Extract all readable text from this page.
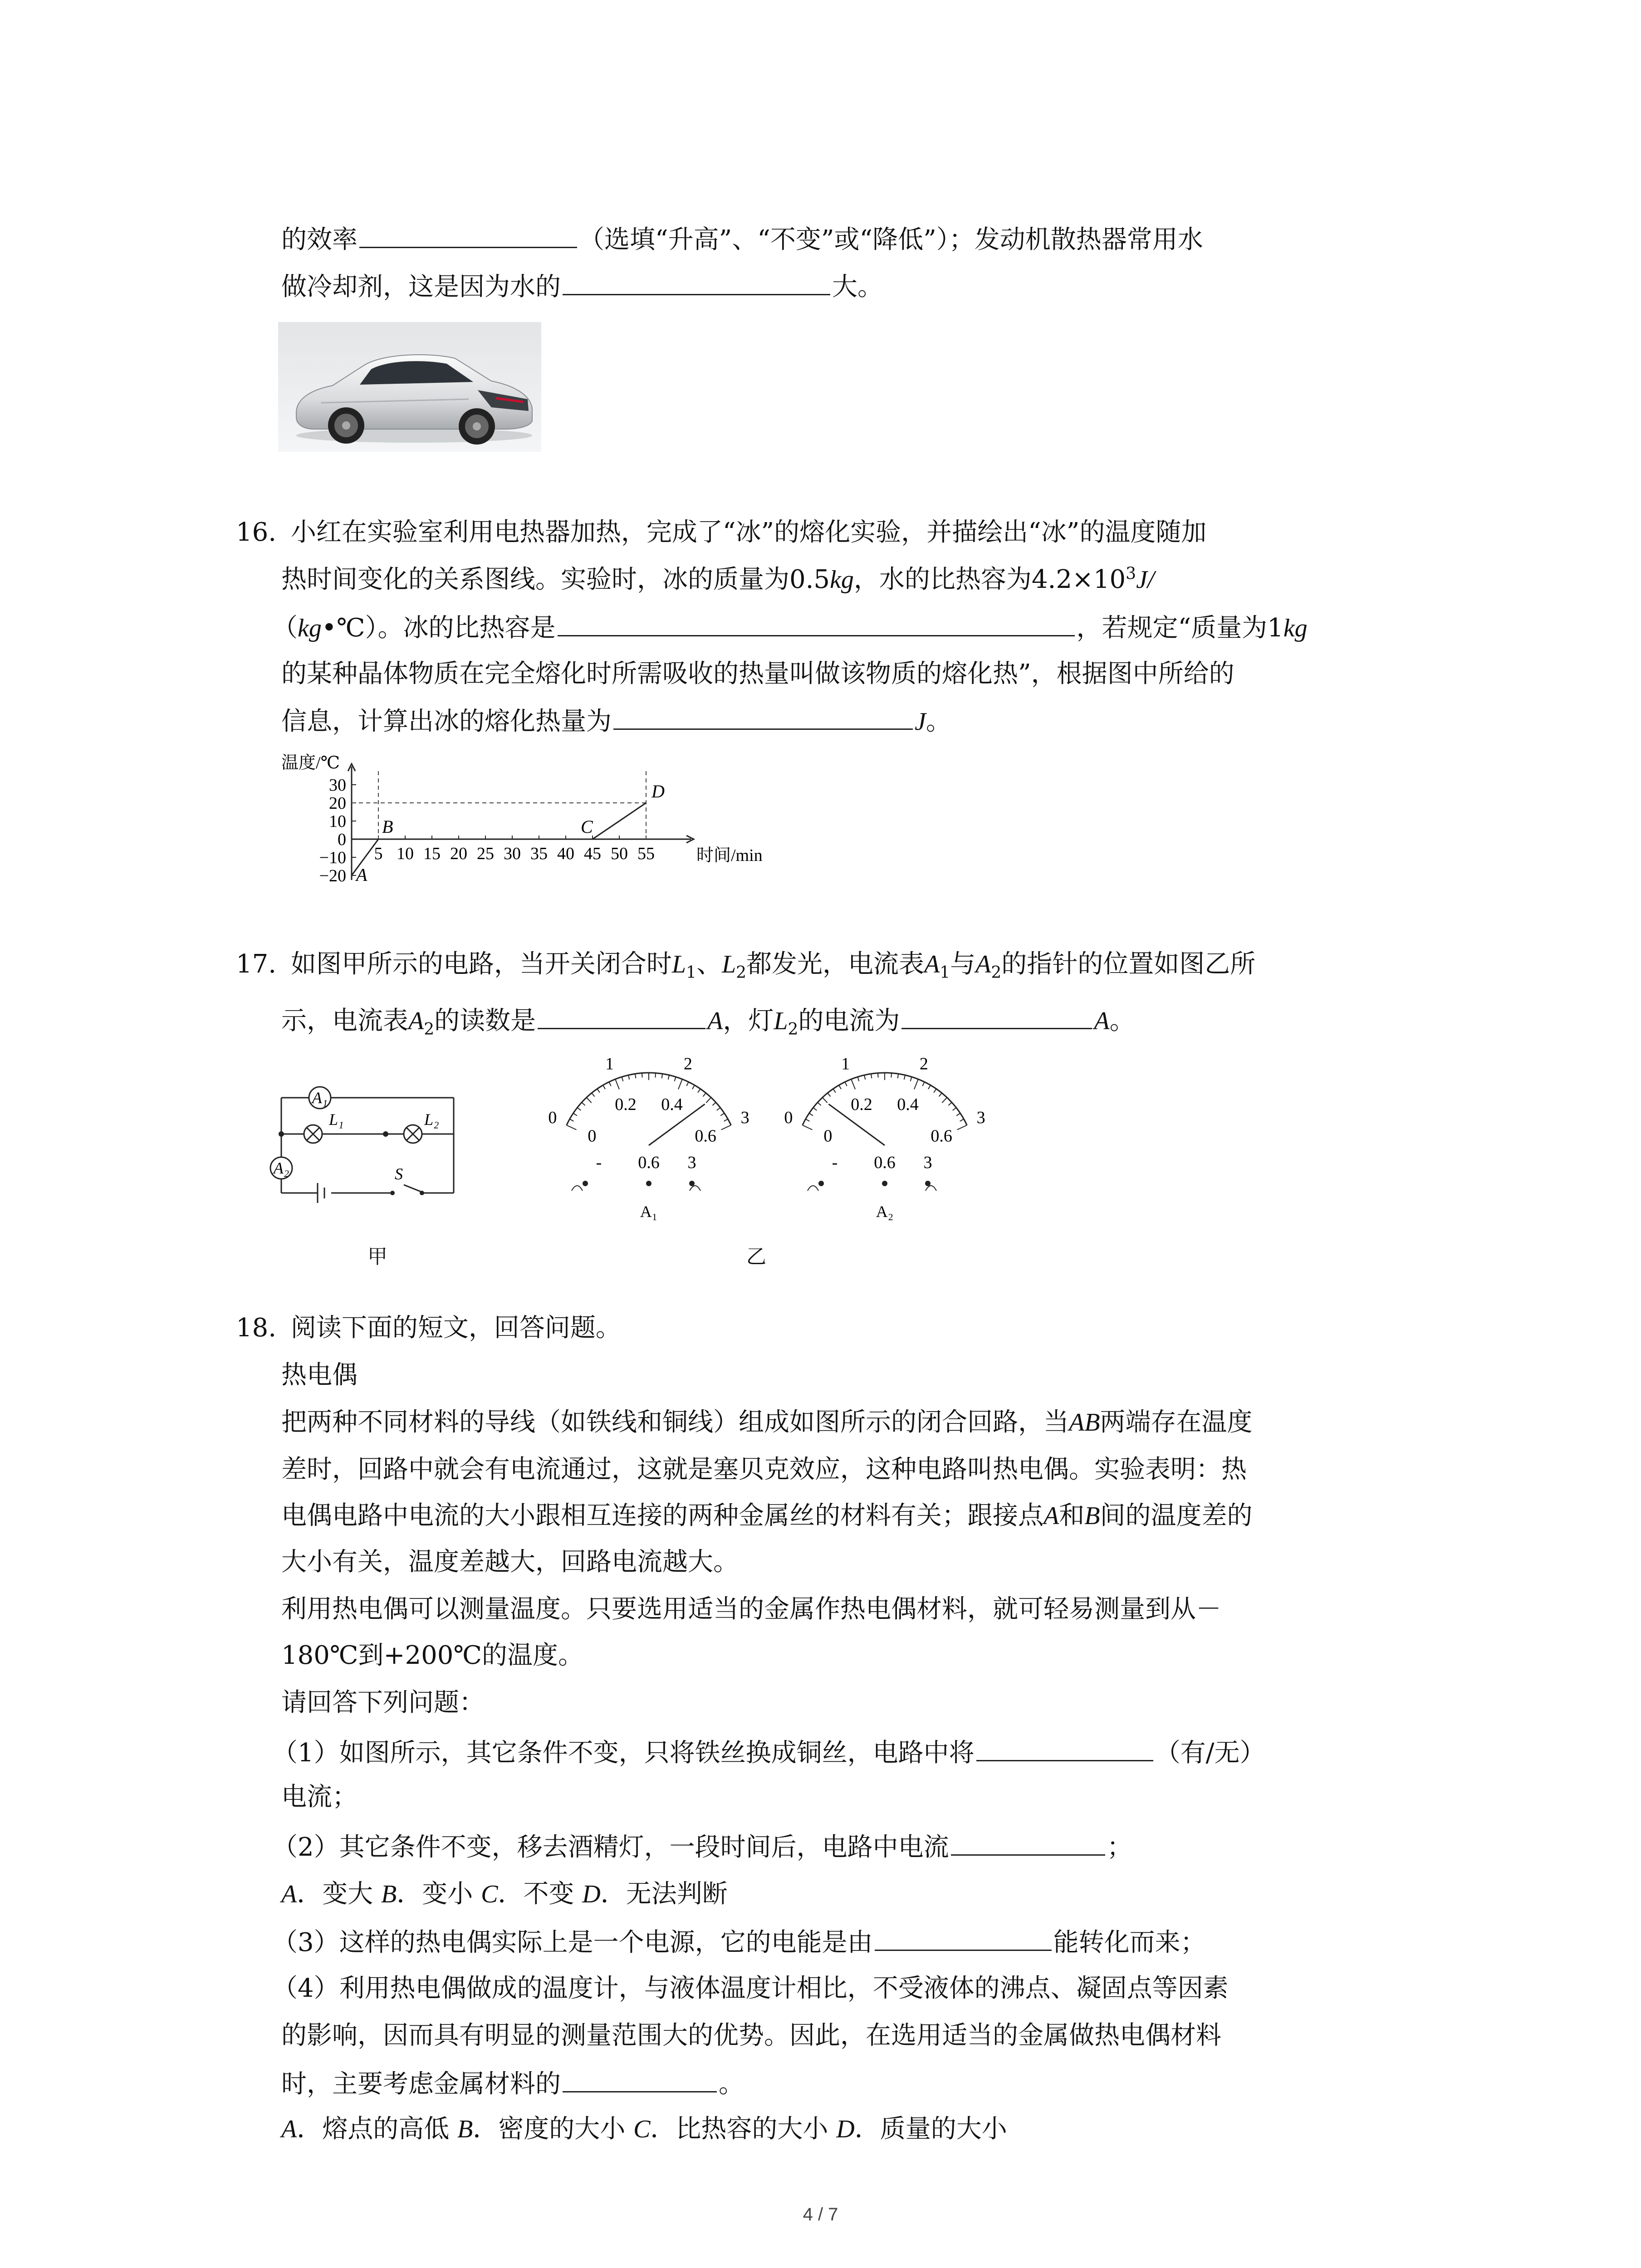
的效率	（选填“升高”、“不变”或“降低”）；发动机散热器常用水
做冷却剂，这是因为水的	大。
16. 小红在实验室利用电热器加热，完成了“冰”的熔化实验，并描绘出“冰”的温度随加
热时间变化的关系图线。实验时，冰的质量为0.5kg，水的比热容为$4.2\times 10^3J/$
（kg•℃）。冰的比热容是	，若规定“质量为1kg
的某种晶体物质在完全熔化时所需吸收的热量叫做该物质的熔化热”，根据图中所给的
信息，计算出冰的熔化热量为	J。
温度/℃
时间/min
30
20
10
0
−10
−20
5 10 15 20 25 30 35 40 45 50 55
A
B	C
D
17. 如图甲所示的电路，当开关闭合时$L_1$、$L_2$都发光，电流表$A_1$与$A_2$的指针的位置如图乙所
示，电流表$A_2$的读数是	A，灯$L_2$的电流为	A。
A₁
L₁	L₂
A₂	S
0
1	2
3
0
0.2 0.4
0.6
- 0.6 3
A₁
0
1	2
3
0
0.2 0.4
0.6
- 0.6 3
A₂
甲	乙
18. 阅读下面的短文，回答问题。
热电偶
把两种不同材料的导线（如铁线和铜线）组成如图所示的闭合回路，当AB两端存在温度
差时，回路中就会有电流通过，这就是塞贝克效应，这种电路叫热电偶。实验表明：热
电偶电路中电流的大小跟相互连接的两种金属丝的材料有关；跟接点A和B间的温度差的
大小有关，温度差越大，回路电流越大。
利用热电偶可以测量温度。只要选用适当的金属作热电偶材料，就可轻易测量到从－
180℃到+200℃的温度。
请回答下列问题：
（1）如图所示，其它条件不变，只将铁丝换成铜丝，电路中将	（有/无）
电流；
（2）其它条件不变，移去酒精灯，一段时间后，电路中电流	；
A．变大 B．变小 C．不变 D．无法判断
（3）这样的热电偶实际上是一个电源，它的电能是由	能转化而来；
（4）利用热电偶做成的温度计，与液体温度计相比，不受液体的沸点、凝固点等因素
的影响，因而具有明显的测量范围大的优势。因此，在选用适当的金属做热电偶材料
时，主要考虑金属材料的	。
A．熔点的高低 B．密度的大小 C．比热容的大小 D．质量的大小
4 / 7
